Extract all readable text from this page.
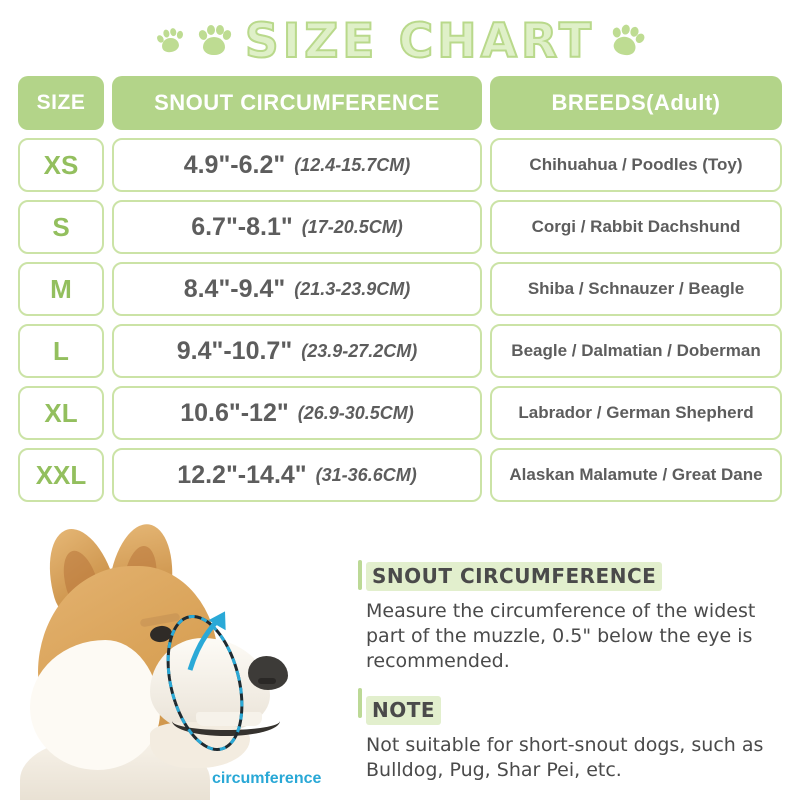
SIZE CHART
SIZE	SNOUT CIRCUMFERENCE	BREEDS(Adult)
XS	4.9"-6.2" (12.4-15.7CM)	Chihuahua / Poodles (Toy)
S	6.7"-8.1" (17-20.5CM)	Corgi / Rabbit Dachshund
M	8.4"-9.4" (21.3-23.9CM)	Shiba / Schnauzer / Beagle
L	9.4"-10.7" (23.9-27.2CM)	Beagle / Dalmatian / Doberman
XL	10.6"-12" (26.9-30.5CM)	Labrador / German Shepherd
XXL	12.2"-14.4" (31-36.6CM)	Alaskan Malamute / Great Dane
circumference
SNOUT CIRCUMFERENCE

Measure the circumference of the widest part of the muzzle, 0.5" below the eye is recommended.

NOTE

Not suitable for short-snout dogs, such as Bulldog, Pug, Shar Pei, etc.
